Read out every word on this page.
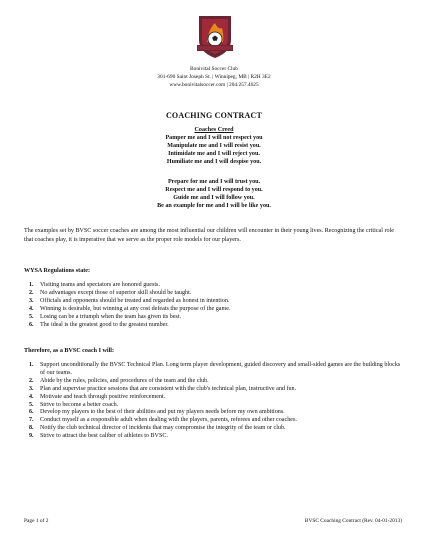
Bonivital Soccer Club
301-690 Saint Joseph St. | Winnipeg, MB | R2H 3E2
www.bonivitalsoccer.com | 204.257.4625
COACHING CONTRACT
Coaches Creed
Pamper me and I will not respect you
Manipulate me and I will resist you.
Intimidate me and I will reject you.
Humiliate me and I will despise you.
Prepare for me and I will trust you.
Respect me and I will respond to you.
Guide me and I will follow you.
Be an example for me and I will be like you.
The examples set by BVSC soccer coaches are among the most influential our children will encounter in their young lives. Recognizing the critical role that coaches play, it is imperative that we serve as the proper role models for our players.
WYSA Regulations state:
1. Visiting teams and spectators are honored guests.
2. No advantages except those of superior skill should be taught.
3. Officials and opponents should be treated and regarded as honest in intention.
4. Winning is desirable, but winning at any cost defeats the purpose of the game.
5. Losing can be a triumph when the team has given its best.
6. The ideal is the greatest good to the greatest number.
Therefore, as a BVSC coach I will:
1. Support unconditionally the BVSC Technical Plan. Long term player development, guided discovery and small-sided games are the building blocks of our teams.
2. Abide by the rules, policies, and procedures of the team and the club.
3. Plan and supervise practice sessions that are consistent with the club's technical plan, instructive and fun.
4. Motivate and teach through positive reinforcement.
5. Strive to become a better coach.
6. Develop my players to the best of their abilities and put my players needs before my own ambitions.
7. Conduct myself as a responsible adult when dealing with the players, parents, referees and other coaches.
8. Notify the club technical director of incidents that may compromise the integrity of the team or club.
9. Strive to attract the best caliber of athletes to BVSC.
Page 1 of 2	BVSC Coaching Contract (Rev. 04-01-2013)
